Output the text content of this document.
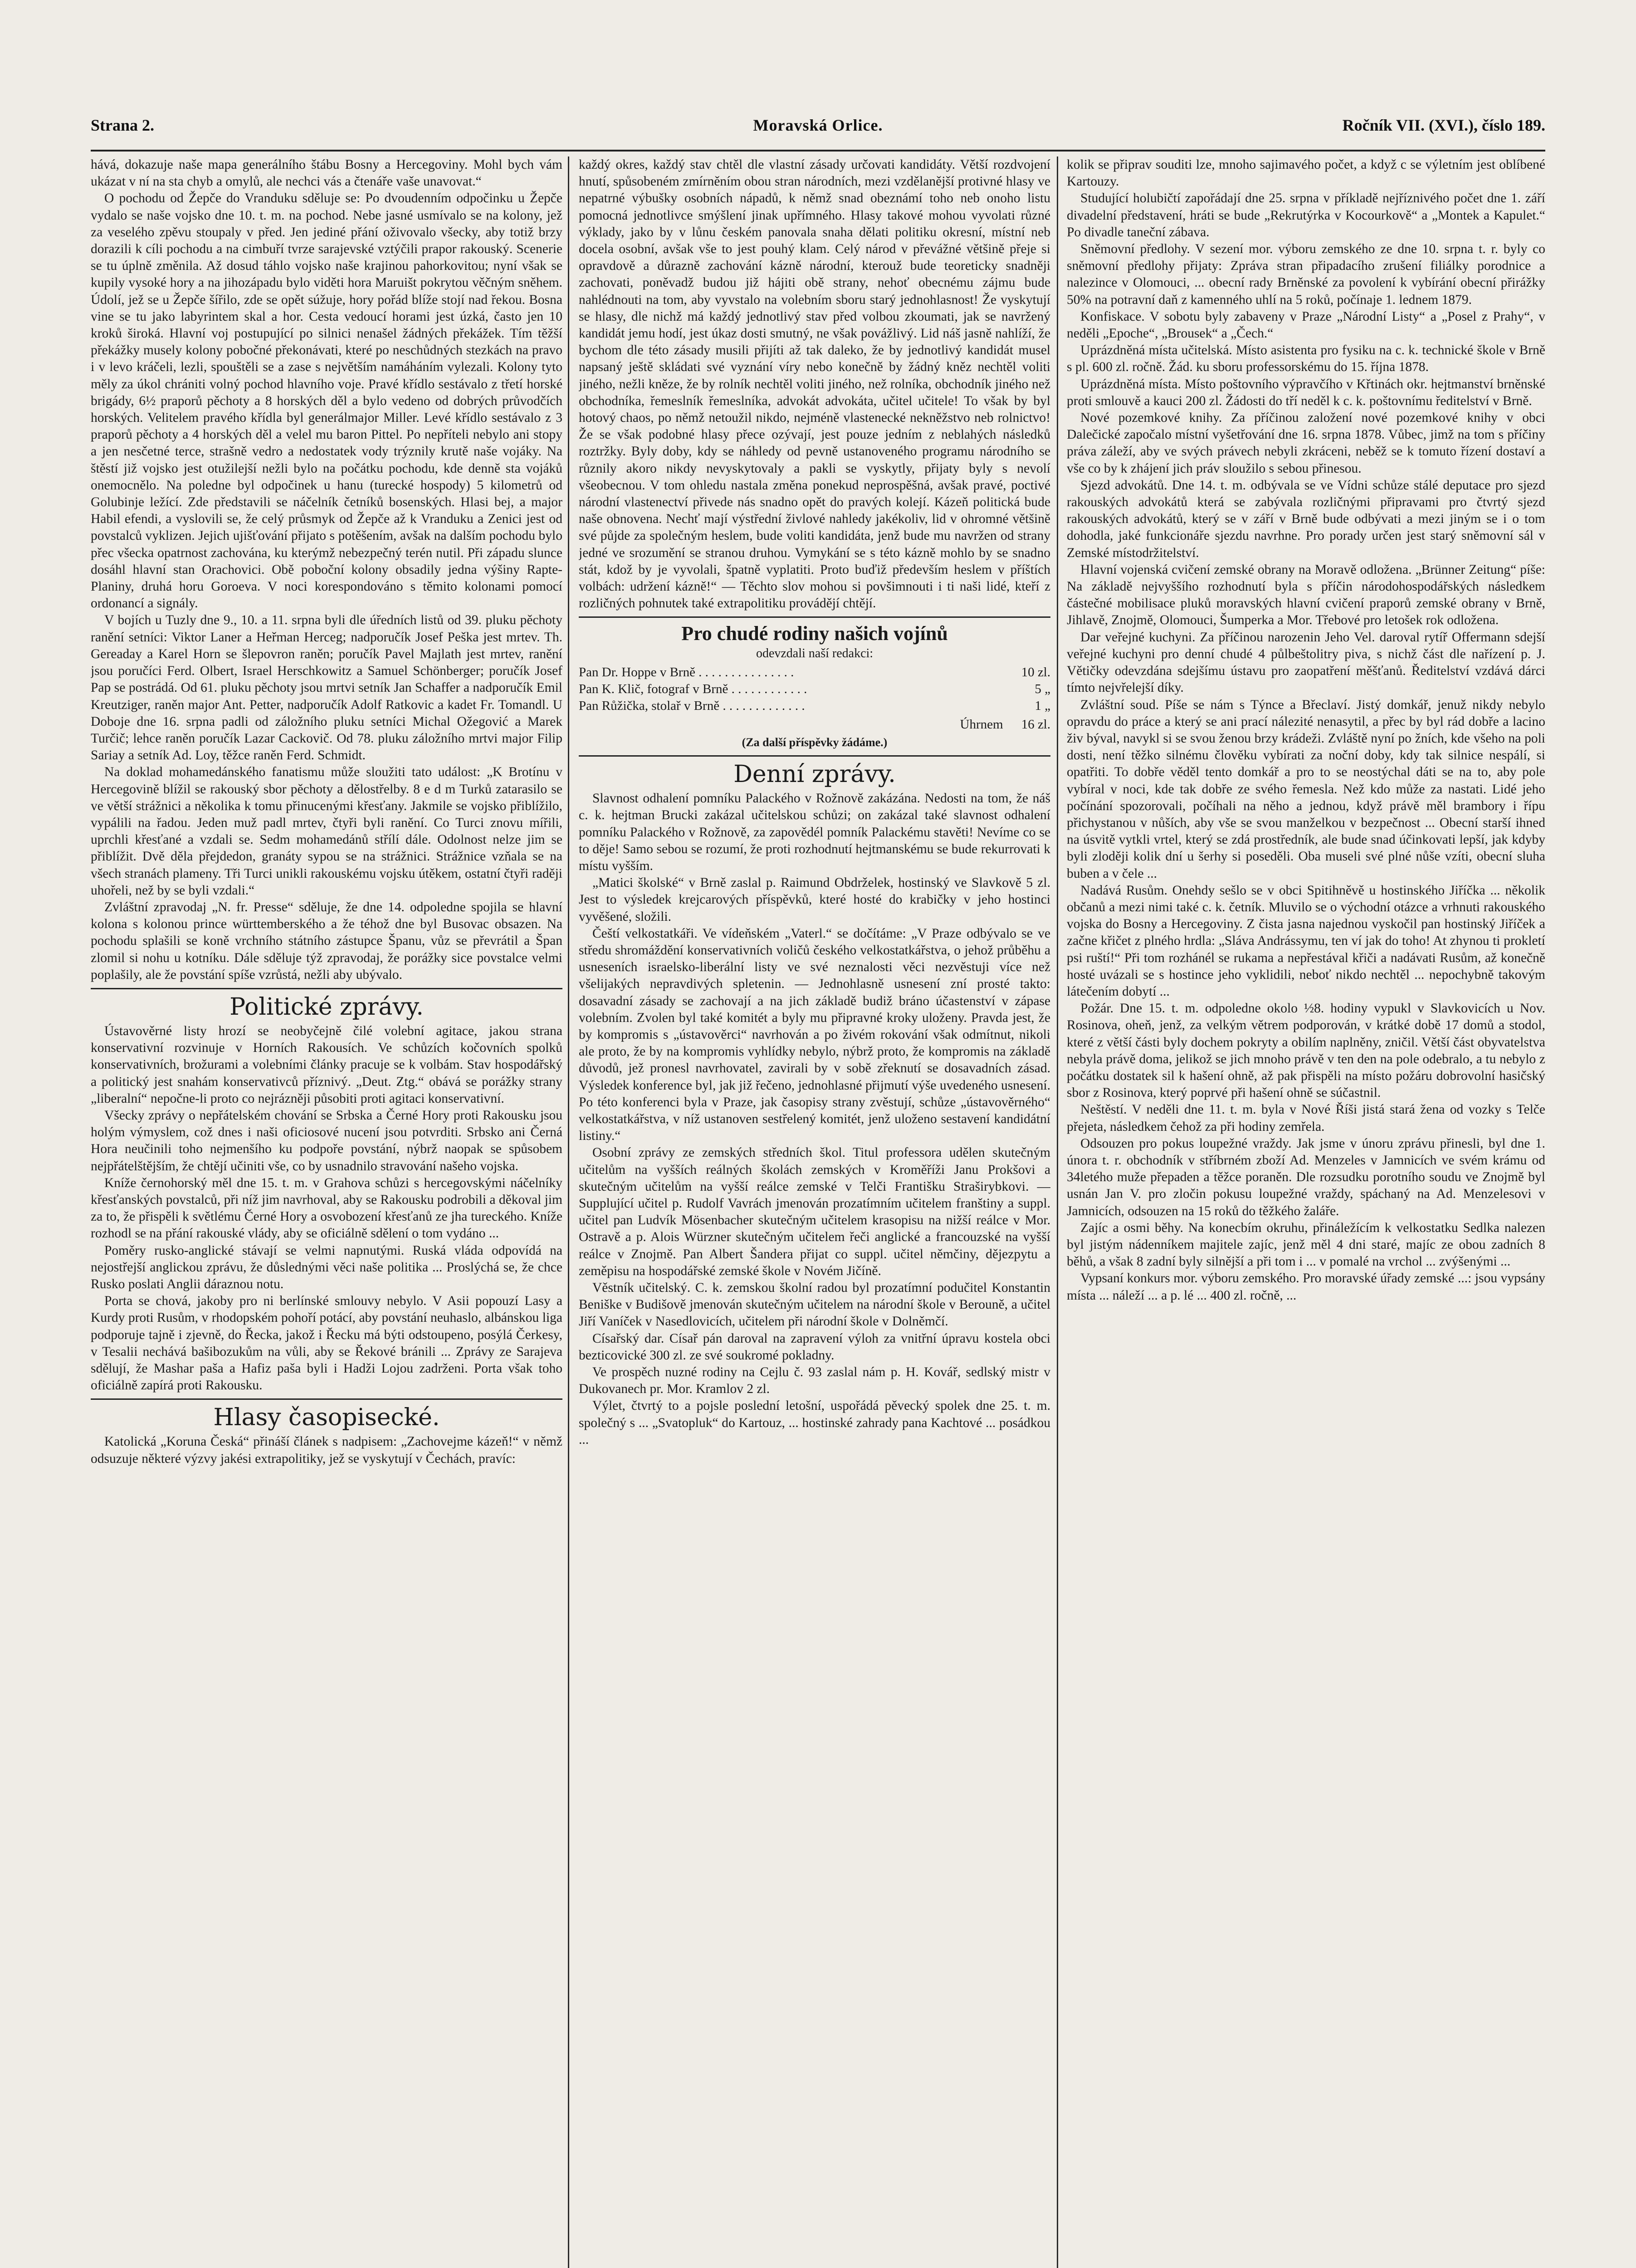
Strana 2.	Moravská Orlice.	Ročník VII. (XVI.), číslo 189.

hává, dokazuje naše mapa generálního štábu Bosny a Hercegoviny. Mohl bych vám ukázat v ní na sta chyb a omylů, ale nechci vás a čtenáře vaše unavovat.“

O pochodu od Žepče do Vranduku sděluje se: Po dvoudenním odpočinku u Žepče vydalo se naše vojsko dne 10. t. m. na pochod. Nebe jasné usmívalo se na kolony, jež za veselého zpěvu stoupaly v před. Jen jediné přání oživovalo všecky, aby totiž brzy dorazili k cíli pochodu a na cimbuří tvrze sarajevské vztýčili prapor rakouský. Scenerie se tu úplně změnila. Až dosud táhlo vojsko naše krajinou pahorkovitou; nyní však se kupily vysoké hory a na jihozápadu bylo viděti hora Maruišt pokrytou věčným sněhem. Údolí, jež se u Žepče šířilo, zde se opět súžuje, hory pořád blíže stojí nad řekou. Bosna vine se tu jako labyrintem skal a hor. Cesta vedoucí horami jest úzká, často jen 10 kroků široká. Hlavní voj postupující po silnici nenašel žádných překážek. Tím těžší překážky musely kolony pobočné překonávati, které po neschůdných stezkách na pravo i v levo kráčeli, lezli, spouštěli se a zase s největším namáháním vylezali. Kolony tyto měly za úkol chrániti volný pochod hlavního voje. Pravé křídlo sestávalo z třetí horské brigády, 6½ praporů pěchoty a 8 horských děl a bylo vedeno od dobrých průvodčích horských. Velitelem pravého křídla byl generálmajor Miller. Levé křídlo sestávalo z 3 praporů pěchoty a 4 horských děl a velel mu baron Pittel. Po nepříteli nebylo ani stopy a jen nesčetné terce, strašně vedro a nedostatek vody trýznily krutě naše vojáky. Na štěstí již vojsko jest otužilejší nežli bylo na počátku pochodu, kde denně sta vojáků onemocnělo. Na poledne byl odpočinek u hanu (turecké hospody) 5 kilometrů od Golubinje ležící. Zde představili se náčelník četníků bosenských. Hlasi bej, a major Habil efendi, a vyslovili se, že celý průsmyk od Žepče až k Vranduku a Zenici jest od povstalců vyklizen. Jejich ujišťování přijato s potěšením, avšak na dalším pochodu bylo přec všecka opatrnost zachována, ku kterýmž nebezpečný terén nutil. Při západu slunce dosáhl hlavní stan Orachovici. Obě poboční kolony obsadily jedna výšiny Rapte-Planiny, druhá horu Goroeva. V noci korespondováno s těmito kolonami pomocí ordonancí a signály.

V bojích u Tuzly dne 9., 10. a 11. srpna byli dle úředních listů od 39. pluku pěchoty ranění setníci: Viktor Laner a Heřman Herceg; nadporučík Josef Peška jest mrtev. Th. Gereaday a Karel Horn se šlepovron raněn; poručík Pavel Majlath jest mrtev, ranění jsou poručíci Ferd. Olbert, Israel Herschkowitz a Samuel Schönberger; poručík Josef Pap se postrádá. Od 61. pluku pěchoty jsou mrtvi setník Jan Schaffer a nadporučík Emil Kreutziger, raněn major Ant. Petter, nadporučík Adolf Ratkovic a kadet Fr. Tomandl. U Doboje dne 16. srpna padli od záložního pluku setníci Michal Ožegović a Marek Turčič; lehce raněn poručík Lazar Cackovič. Od 78. pluku záložního mrtvi major Filip Sariay a setník Ad. Loy, těžce raněn Ferd. Schmidt.

Na doklad mohamedánského fanatismu může sloužiti tato událost: „K Brotínu v Hercegovině blížil se rakouský sbor pěchoty a dělostřelby. 8 e d m Turků zatarasilo se ve větší strážnici a několika k tomu přinucenými křesťany. Jakmile se vojsko přiblížilo, vypálili na řadou. Jeden muž padl mrtev, čtyři byli ranění. Co Turci znovu mířili, uprchli křesťané a vzdali se. Sedm mohamedánů střílí dále. Odolnost nelze jim se přiblížit. Dvě děla přejdedon, granáty sypou se na strážnici. Strážnice vzňala se na všech stranách plameny. Tři Turci unikli rakouskému vojsku útěkem, ostatní čtyři raději uhořeli, než by se byli vzdali.“

Zvláštní zpravodaj „N. fr. Presse“ sděluje, že dne 14. odpoledne spojila se hlavní kolona s kolonou prince württemberského a že téhož dne byl Busovac obsazen. Na pochodu splašili se koně vrchního státního zástupce Španu, vůz se převrátil a Špan zlomil si nohu u kotníku. Dále sděluje týž zpravodaj, že porážky sice povstalce velmi poplašily, ale že povstání spíše vzrůstá, nežli aby ubývalo.

Politické zprávy.

Ústavověrné listy hrozí se neobyčejně čilé volební agitace, jakou strana konservativní rozvinuje v Horních Rakousích. Ve schůzích kočovních spolků konservativních, brožurami a volebními články pracuje se k volbám. Stav hospodářský a politický jest snahám konservativců příznivý. „Deut. Ztg.“ obává se porážky strany „liberalní“ nepočne-li proto co nejrázněji působiti proti agitaci konservativní.

Všecky zprávy o nepřátelském chování se Srbska a Černé Hory proti Rakousku jsou holým výmyslem, což dnes i naši oficiosové nucení jsou potvrditi. Srbsko ani Černá Hora neučinili toho nejmenšího ku podpoře povstání, nýbrž naopak se spůsobem nejpřátelštějším, že chtějí učiniti vše, co by usnadnilo stravování našeho vojska.

Kníže černohorský měl dne 15. t. m. v Grahova schůzi s hercegovskými náčelníky křesťanských povstalců, při níž jim navrhoval, aby se Rakousku podrobili a děkoval jim za to, že přispěli k světlému Černé Hory a osvobození křesťanů ze jha tureckého. Kníže rozhodl se na přání rakouské vlády, aby se oficiálně sdělení o tom vydáno ...

Poměry rusko-anglické stávají se velmi napnutými. Ruská vláda odpovídá na nejostřejší anglickou zprávu, že důslednými věci naše politika ... Proslýchá se, že chce Rusko poslati Anglii dáraznou notu.

Porta se chová, jakoby pro ni berlínské smlouvy nebylo. V Asii popouzí Lasy a Kurdy proti Rusům, v rhodopském pohoří potácí, aby povstání neuhaslo, albánskou liga podporuje tajně i zjevně, do Řecka, jakož i Řecku má býti odstoupeno, posýlá Čerkesy, v Tesalii nechává bašibozukům na vůli, aby se Řekové bránili ... Zprávy ze Sarajeva sdělují, že Mashar paša a Hafiz paša byli i Hadži Lojou zadrženi. Porta však toho oficiálně zapírá proti Rakousku.

Hlasy časopisecké.

Katolická „Koruna Česká“ přináší článek s nadpisem: „Zachovejme kázeň!“ v němž odsuzuje některé výzvy jakési extrapolitiky, jež se vyskytují v Čechách, pravíc:

každý okres, každý stav chtěl dle vlastní zásady určovati kandidáty. Větší rozdvojení hnutí, spůsobeném zmírněním obou stran národních, mezi vzdělanější protivné hlasy ve nepatrné výbušky osobních nápadů, k němž snad obeznámí toho neb onoho listu pomocná jednotlivce smýšlení jinak upřímného. Hlasy takové mohou vyvolati různé výklady, jako by v lůnu českém panovala snaha dělati politiku okresní, místní neb docela osobní, avšak vše to jest pouhý klam. Celý národ v převážné většině přeje si opravdově a důrazně zachování kázně národní, kterouž bude teoreticky snadněji zachovati, poněvadž budou již hájiti obě strany, nehoť obecnému zájmu bude nahlédnouti na tom, aby vyvstalo na volebním sboru starý jednohlasnost! Že vyskytují se hlasy, dle nichž má každý jednotlivý stav před volbou zkoumati, jak se navržený kandidát jemu hodí, jest úkaz dosti smutný, ne však povážlivý. Lid náš jasně nahlíží, že bychom dle této zásady musili přijíti až tak daleko, že by jednotlivý kandidát musel napsaný ještě skládati své vyznání víry nebo konečně by žádný kněz nechtěl voliti jiného, nežli kněze, že by rolník nechtěl voliti jiného, než rolníka, obchodník jiného než obchodníka, řemeslník řemeslníka, advokát advokáta, učitel učitele! To však by byl hotový chaos, po němž netoužil nikdo, nejméně vlastenecké nekněžstvo neb rolnictvo! Že se však podobné hlasy přece ozývají, jest pouze jedním z neblahých následků roztržky. Byly doby, kdy se náhledy od pevně ustanoveného programu národního se různily akoro nikdy nevyskytovaly a pakli se vyskytly, přijaty byly s nevolí všeobecnou. V tom ohledu nastala změna ponekud neprospěšná, avšak pravé, poctivé národní vlastenectví přivede nás snadno opět do pravých kolejí. Kázeň politická bude naše obnovena. Nechť mají výstřední živlové nahledy jakékoliv, lid v ohromné většině své půjde za společným heslem, bude voliti kandidáta, jenž bude mu navržen od strany jedné ve srozumění se stranou druhou. Vymykání se s této kázně mohlo by se snadno stát, kdož by je vyvolali, špatně vyplatiti. Proto buďiž především heslem v příštích volbách: udržení kázně!“ — Těchto slov mohou si povšimnouti i ti naši lidé, kteří z rozličných pohnutek také extrapolitiku provádějí chtějí.

Pro chudé rodiny našich vojínů
odevzdali naší redakci:
Pan Dr. Hoppe v Brně . . . . . . . . . . . . . . .	10 zl.
Pan K. Klič, fotograf v Brně . . . . . . . . . . . .	5 „
Pan Růžička, stolař v Brně . . . . . . . . . . . . .	1 „
Úhrnem 16 zl.
(Za další příspěvky žádáme.)
Denní zprávy.

Slavnost odhalení pomníku Palackého v Rožnově zakázána. Nedosti na tom, že náš c. k. hejtman Brucki zakázal učitelskou schůzi; on zakázal také slavnost odhalení pomníku Palackého v Rožnově, za zapovědél pomník Palackému stavěti! Nevíme co se to děje! Samo sebou se rozumí, že proti rozhodnutí hejtmanskému se bude rekurrovati k místu vyšším.

„Matici školské“ v Brně zaslal p. Raimund Obdrželek, hostinský ve Slavkově 5 zl. Jest to výsledek krejcarových příspěvků, které hosté do krabičky v jeho hostinci vyvěšené, složili.

Čeští velkostatkáři. Ve vídeňském „Vaterl.“ se dočítáme: „V Praze odbývalo se ve středu shromáždění konservativních voličů českého velkostatkářstva, o jehož průběhu a usneseních israelsko-liberální listy ve své neznalosti věci nezvěstuji více než všelijakých nepravdivých spletenin. — Jednohlasně usnesení zní prosté takto: dosavadní zásady se zachovají a na jich základě budiž bráno účastenství v zápase volebním. Zvolen byl také komitét a byly mu připravné kroky uloženy. Pravda jest, že by kompromis s „ústavověrci“ navrhován a po živém rokování však odmítnut, nikoli ale proto, že by na kompromis vyhlídky nebylo, nýbrž proto, že kompromis na základě důvodů, jež pronesl navrhovatel, zavirali by v sobě zřeknutí se dosavadních zásad. Výsledek konference byl, jak již řečeno, jednohlasné přijmutí výše uvedeného usnesení. Po této konferenci byla v Praze, jak časopisy strany zvěstují, schůze „ústavověrného“ velkostatkářstva, v níž ustanoven sestřelený komitét, jenž uloženo sestavení kandidátní listiny.“

Osobní zprávy ze zemských středních škol. Titul professora udělen skutečným učitelům na vyšších reálných školách zemských v Kroměříži Janu Prokšovi a skutečným učitelům na vyšší reálce zemské v Telči Františku Straširybkovi. — Supplující učitel p. Rudolf Vavrách jmenován prozatímním učitelem franštiny a suppl. učitel pan Ludvík Mösenbacher skutečným učitelem krasopisu na nižší reálce v Mor. Ostravě a p. Alois Würzner skutečným učitelem řeči anglické a francouzské na vyšší reálce v Znojmě. Pan Albert Šandera přijat co suppl. učitel němčiny, dějezpytu a zeměpisu na hospodářské zemské škole v Novém Jičíně.

Věstník učitelský. C. k. zemskou školní radou byl prozatímní podučitel Konstantin Beniške v Budišově jmenován skutečným učitelem na národní škole v Berouně, a učitel Jiří Vaníček v Nasedlovicích, učitelem při národní škole v Dolněmčí.

Císařský dar. Císař pán daroval na zapravení výloh za vnitřní úpravu kostela obci bezticovické 300 zl. ze své soukromé pokladny.

Ve prospěch nuzné rodiny na Cejlu č. 93 zaslal nám p. H. Kovář, sedlský mistr v Dukovanech pr. Mor. Kramlov 2 zl.

Výlet, čtvrtý to a pojsle poslední letošní, uspořádá pěvecký spolek dne 25. t. m. společný s ... „Svatopluk“ do Kartouz, ... hostinské zahrady pana Kachtové ... posádkou ...

kolik se připrav souditi lze, mnoho sajimavého počet, a když c se výletním jest oblíbené Kartouzy.

Studující holubičtí zapořádají dne 25. srpna v příkladě nejříznivého počet dne 1. září divadelní představení, hráti se bude „Rekrutýrka v Kocourkově“ a „Montek a Kapulet.“ Po divadle taneční zábava.

Sněmovní předlohy. V sezení mor. výboru zemského ze dne 10. srpna t. r. byly co sněmovní předlohy přijaty: Zpráva stran připadacího zrušení filiálky porodnice a nalezince v Olomouci, ... obecní rady Brněnské za povolení k vybírání obecní přirážky 50% na potravní daň z kamenného uhlí na 5 roků, počínaje 1. lednem 1879.

Konfiskace. V sobotu byly zabaveny v Praze „Národní Listy“ a „Posel z Prahy“, v neděli „Epoche“, „Brousek“ a „Čech.“

Uprázdněná místa učitelská. Místo asistenta pro fysiku na c. k. technické škole v Brně s pl. 600 zl. ročně. Žád. ku sboru professorskému do 15. října 1878.

Uprázdněná místa. Místo poštovního výpravčího v Křtinách okr. hejtmanství brněnské proti smlouvě a kauci 200 zl. Žádosti do tří neděl k c. k. poštovnímu ředitelství v Brně.

Nové pozemkové knihy. Za příčinou založení nové pozemkové knihy v obci Dalečické započalo místní vyšetřování dne 16. srpna 1878. Vůbec, jimž na tom s příčiny práva záleží, aby ve svých právech nebyli zkráceni, neběž se k tomuto řízení dostaví a vše co by k zhájení jich práv sloužilo s sebou přinesou.

Sjezd advokátů. Dne 14. t. m. odbývala se ve Vídni schůze stálé deputace pro sjezd rakouských advokátů která se zabývala rozličnými připravami pro čtvrtý sjezd rakouských advokátů, který se v září v Brně bude odbývati a mezi jiným se i o tom dohodla, jaké funkcionáře sjezdu navrhne. Pro porady určen jest starý sněmovní sál v Zemské místodržitelství.

Hlavní vojenská cvičení zemské obrany na Moravě odložena. „Brünner Zeitung“ píše: Na základě nejvyššího rozhodnutí byla s příčin národohospodářských následkem částečné mobilisace pluků moravských hlavní cvičení praporů zemské obrany v Brně, Jihlavě, Znojmě, Olomouci, Šumperka a Mor. Třebové pro letošek rok odložena.

Dar veřejné kuchyni. Za příčinou narozenin Jeho Vel. daroval rytíř Offermann sdejší veřejné kuchyni pro denní chudé 4 půlbeštolitry piva, s nichž část dle nařízení p. J. Větičky odevzdána sdejšímu ústavu pro zaopatření měšťanů. Ředitelství vzdává dárci tímto nejvřelejší díky.

Zvláštní soud. Píše se nám s Týnce a Břeclaví. Jistý domkář, jenuž nikdy nebylo opravdu do práce a který se ani prací nálezité nenasytil, a přec by byl rád dobře a lacino živ býval, navykl si se svou ženou brzy krádeži. Zvláště nyní po žních, kde všeho na poli dosti, není těžko silnému člověku vybírati za noční doby, kdy tak silnice nespálí, si opatřiti. To dobře věděl tento domkář a pro to se neostýchal dáti se na to, aby pole vybíral v noci, kde tak dobře ze svého řemesla. Než kdo může za nastati. Lidé jeho počínání spozorovali, počíhali na něho a jednou, když právě měl brambory i řípu přichystanou v nůších, aby vše se svou manželkou v bezpečnost ... Obecní starší ihned na úsvitě vytkli vrtel, který se zdá prostředník, ale bude snad účinkovati lepší, jak kdyby byli zloději kolik dní u šerhy si poseděli. Oba museli své plné nůše vzíti, obecní sluha buben a v čele ...

Nadává Rusům. Onehdy sešlo se v obci Spitihněvě u hostinského Jiříčka ... několik občanů a mezi nimi také c. k. četník. Mluvilo se o východní otázce a vrhnuti rakouského vojska do Bosny a Hercegoviny. Z čista jasna najednou vyskočil pan hostinský Jiříček a začne křičet z plného hrdla: „Sláva Andrássymu, ten ví jak do toho! At zhynou ti prokletí psi ruští!“ Při tom rozhánél se rukama a nepřestával křiči a nadávati Rusům, až konečně hosté uvázali se s hostince jeho vyklidili, neboť nikdo nechtěl ... nepochybně takovým látečením dobytí ...

Požár. Dne 15. t. m. odpoledne okolo ½8. hodiny vypukl v Slavkovicích u Nov. Rosinova, oheň, jenž, za velkým větrem podporován, v krátké době 17 domů a stodol, které z větší části byly dochem pokryty a obilím naplněny, zničil. Větší část obyvatelstva nebyla právě doma, jelikož se jich mnoho právě v ten den na pole odebralo, a tu nebylo z počátku dostatek sil k hašení ohně, až pak přispěli na místo požáru dobrovolní hasičský sbor z Rosinova, který poprvé při hašení ohně se súčastnil.

Neštěstí. V neděli dne 11. t. m. byla v Nové Říši jistá stará žena od vozky s Telče přejeta, následkem čehož za při hodiny zemřela.

Odsouzen pro pokus loupežné vraždy. Jak jsme v únoru zprávu přinesli, byl dne 1. února t. r. obchodník v stříbrném zboží Ad. Menzeles v Jamnicích ve svém krámu od 34letého muže přepaden a těžce poraněn. Dle rozsudku porotního soudu ve Znojmě byl usnán Jan V. pro zločin pokusu loupežné vraždy, spáchaný na Ad. Menzelesovi v Jamnicích, odsouzen na 15 roků do těžkého žaláře.

Zajíc a osmi běhy. Na konecbím okruhu, přináležícím k velkostatku Sedlka nalezen byl jistým nádenníkem majitele zajíc, jenž měl 4 dni staré, majíc ze obou zadních 8 běhů, a však 8 zadní byly silnější a při tom i ... v pomalé na vrchol ... zvýšenými ...

Vypsaní konkurs mor. výboru zemského. Pro moravské úřady zemské ...: jsou vypsány místa ... náleží ... a p. lé ... 400 zl. ročně, ...
